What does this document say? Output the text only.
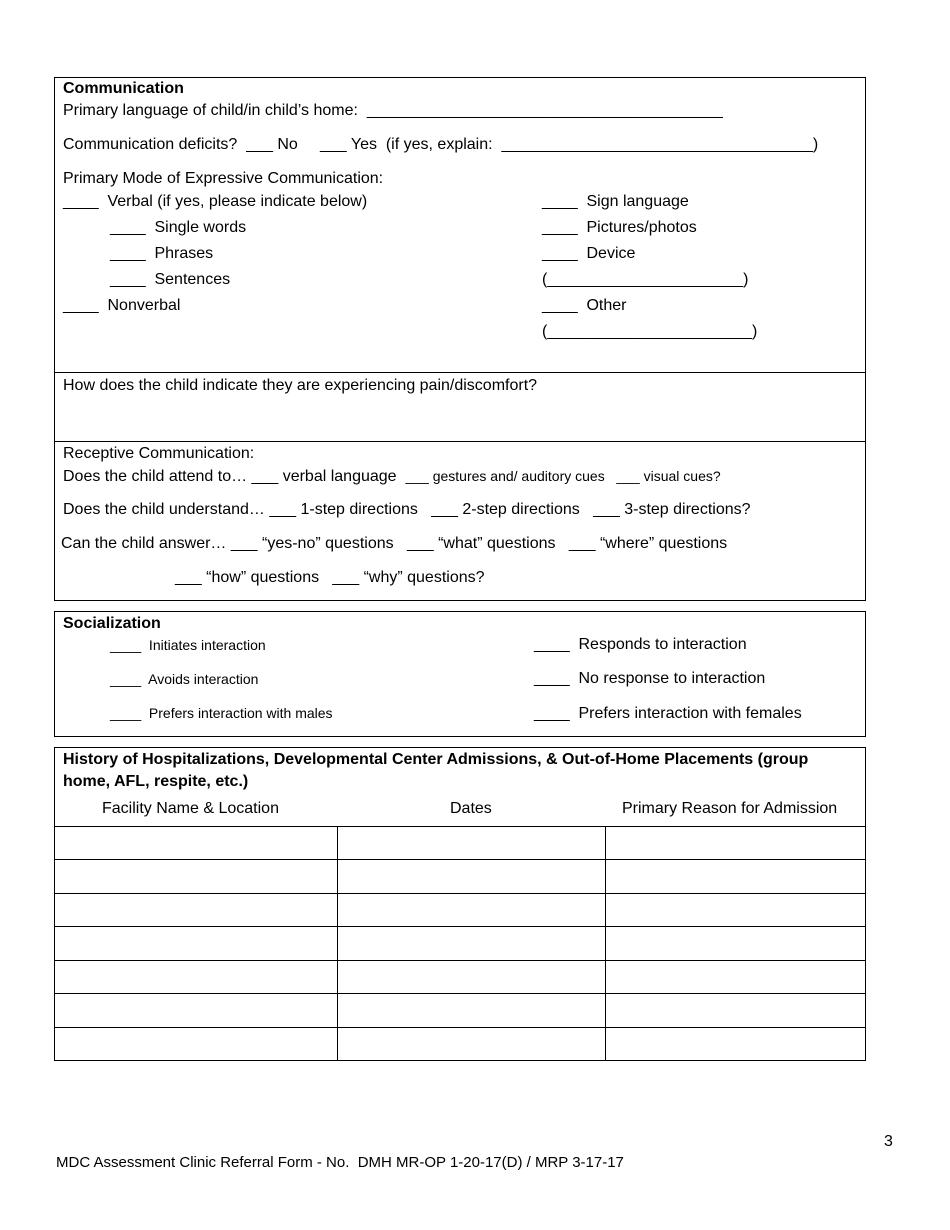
Communication
Primary language of child/in child’s home:  ________________________________________
Communication deficits?  ___ No     ___ Yes  (if yes, explain:  ___________________________________)
Primary Mode of Expressive Communication:
____  Verbal (if yes, please indicate below)
____  Single words
____  Phrases
____  Sentences
____  Nonverbal
____  Sign language
____  Pictures/photos
____  Device
(______________________)
____  Other
(_______________________)
How does the child indicate they are experiencing pain/discomfort?
Receptive Communication:
Does the child attend to… ___ verbal language  ___ gestures and/ auditory cues   ___ visual cues?
Does the child understand… ___ 1-step directions   ___ 2-step directions   ___ 3-step directions?
Can the child answer… ___ “yes-no” questions   ___ “what” questions   ___ “where” questions
___ “how” questions   ___ “why” questions?
Socialization
____  Initiates interaction
____  Avoids interaction
____  Prefers interaction with males
____  Responds to interaction
____  No response to interaction
____  Prefers interaction with females
History of Hospitalizations, Developmental Center Admissions, & Out-of-Home Placements (group
home, AFL, respite, etc.)
Facility Name & Location	Dates	Primary Reason for Admission
3
MDC Assessment Clinic Referral Form - No.  DMH MR-OP 1-20-17(D) / MRP 3-17-17
